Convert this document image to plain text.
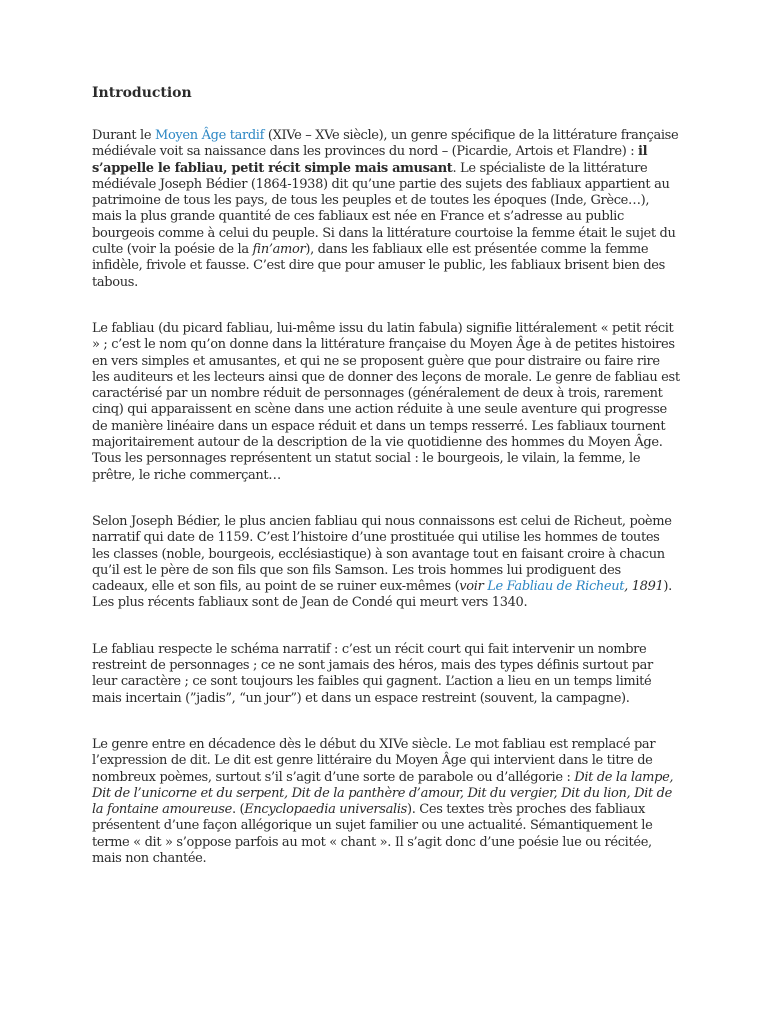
Introduction

Durant le Moyen Âge tardif (XIVe – XVe siècle), un genre spécifique de la littérature française médiévale voit sa naissance dans les provinces du nord – (Picardie, Artois et Flandre) : il s’appelle le fabliau, petit récit simple mais amusant. Le spécialiste de la littérature médiévale Joseph Bédier (1864-1938) dit qu’une partie des sujets des fabliaux appartient au patrimoine de tous les pays, de tous les peuples et de toutes les époques (Inde, Grèce…), mais la plus grande quantité de ces fabliaux est née en France et s’adresse au public bourgeois comme à celui du peuple. Si dans la littérature courtoise la femme était le sujet du culte (voir la poésie de la fin’amor), dans les fabliaux elle est présentée comme la femme infidèle, frivole et fausse. C’est dire que pour amuser le public, les fabliaux brisent bien des tabous.

Le fabliau (du picard fabliau, lui-même issu du latin fabula) signifie littéralement « petit récit » ; c’est le nom qu’on donne dans la littérature française du Moyen Âge à de petites histoires en vers simples et amusantes, et qui ne se proposent guère que pour distraire ou faire rire les auditeurs et les lecteurs ainsi que de donner des leçons de morale. Le genre de fabliau est caractérisé par un nombre réduit de personnages (généralement de deux à trois, rarement cinq) qui apparaissent en scène dans une action réduite à une seule aventure qui progresse de manière linéaire dans un espace réduit et dans un temps resserré. Les fabliaux tournent majoritairement autour de la description de la vie quotidienne des hommes du Moyen Âge. Tous les personnages représentent un statut social : le bourgeois, le vilain, la femme, le prêtre, le riche commerçant…

Selon Joseph Bédier, le plus ancien fabliau qui nous connaissons est celui de Richeut, poème narratif qui date de 1159. C’est l’histoire d’une prostituée qui utilise les hommes de toutes les classes (noble, bourgeois, ecclésiastique) à son avantage tout en faisant croire à chacun qu’il est le père de son fils que son fils Samson. Les trois hommes lui prodiguent des cadeaux, elle et son fils, au point de se ruiner eux-mêmes (voir Le Fabliau de Richeut, 1891). Les plus récents fabliaux sont de Jean de Condé qui meurt vers 1340.

Le fabliau respecte le schéma narratif : c’est un récit court qui fait intervenir un nombre restreint de personnages ; ce ne sont jamais des héros, mais des types définis surtout par leur caractère ; ce sont toujours les faibles qui gagnent. L’action a lieu en un temps limité mais incertain (”jadis”, “un jour”) et dans un espace restreint (souvent, la campagne).

Le genre entre en décadence dès le début du XIVe siècle. Le mot fabliau est remplacé par l’expression de dit. Le dit est genre littéraire du Moyen Âge qui intervient dans le titre de nombreux poèmes, surtout s’il s’agit d’une sorte de parabole ou d’allégorie : Dit de la lampe, Dit de l’unicorne et du serpent, Dit de la panthère d’amour, Dit du vergier, Dit du lion, Dit de la fontaine amoureuse. (Encyclopaedia universalis). Ces textes très proches des fabliaux présentent d’une façon allégorique un sujet familier ou une actualité. Sémantiquement le terme « dit » s’oppose parfois au mot « chant ». Il s’agit donc d’une poésie lue ou récitée, mais non chantée.
